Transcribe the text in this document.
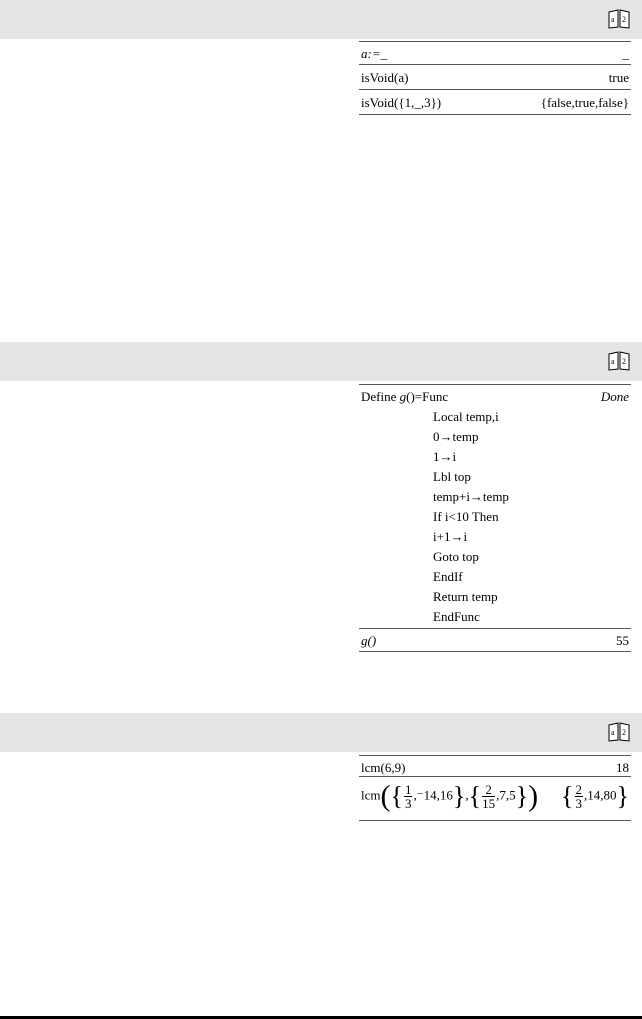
a 2
a:=_	_
isVoid(a)	true
isVoid({1,_,3})	{false,true,false}
a 2
Define g()=Func	Done
Local temp,i
0→temp
1→i
Lbl top
temp+i→temp
If i<10 Then
i+1→i
Goto top
EndIf
Return temp
EndFunc
g()	55
a 2
lcm(6,9)	18
$lcm(\{ \frac{1}{3} ,^-14,16\},\{ \frac{2}{15} ,7,5\})$ { $\frac{2}{3} ,14,80$}
